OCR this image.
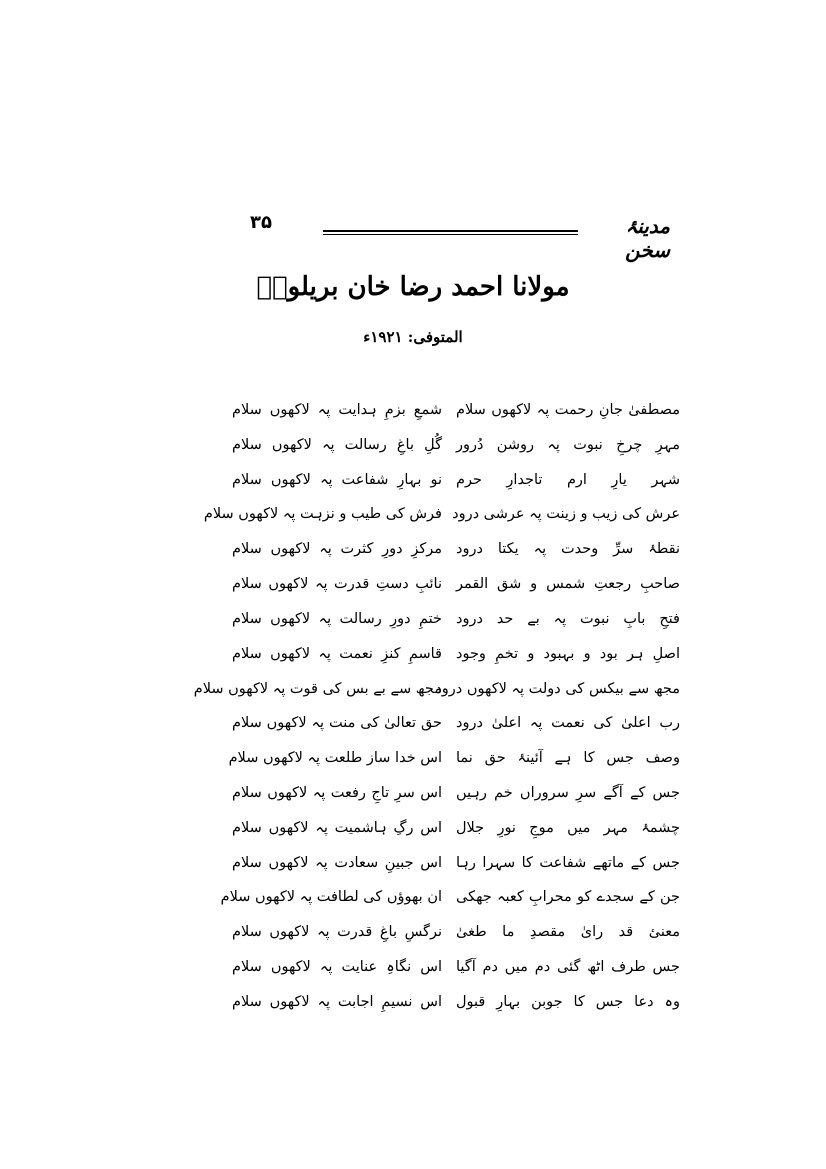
۳۵	مدینۂ سخن
مولانا احمد رضا خان بریلویؒ
المتوفی: ۱۹۲۱ء
مصطفیٰ جانِ رحمت پہ لاکھوں سلام
مہرِ چرخِ نبوت پہ روشن دُرور
شہر یارِ ارم تاجدارِ حرم
عرش کی زیب و زینت پہ عرشی درود
نقطۂ سرِّ وحدت پہ یکتا درود
صاحبِ رجعتِ شمس و شق القمر
فتحِ بابِ نبوت پہ بے حد درود
اصلِ ہر بود و بہبود و تخمِ وجود
مجھ سے بیکس کی دولت پہ لاکھوں درود
رب اعلیٰ کی نعمت پہ اعلیٰ درود
وصف جس کا ہے آئینۂ حق نما
جس کے آگے سرِ سروراں خم رہیں
چشمۂ مہر میں موجِ نورِ جلال
جس کے ماتھے شفاعت کا سہرا رہا
جن کے سجدے کو محرابِ کعبہ جھکی
معنیٔ قد رایٰ مقصدِ ما طغیٰ
جس طرف اٹھ گئی دم میں دم آگیا
وہ دعا جس کا جوبن بہارِ قبول
شمعِ بزمِ ہدایت پہ لاکھوں سلام
گُلِ باغِ رسالت پہ لاکھوں سلام
نو بہارِ شفاعت پہ لاکھوں سلام
فرش کی طیب و نزہت پہ لاکھوں سلام
مرکزِ دورِ کثرت پہ لاکھوں سلام
نائبِ دستِ قدرت پہ لاکھوں سلام
ختمِ دورِ رسالت پہ لاکھوں سلام
قاسمِ کنزِ نعمت پہ لاکھوں سلام
مجھ سے بے بس کی قوت پہ لاکھوں سلام
حق تعالیٰ کی منت پہ لاکھوں سلام
اس خدا ساز طلعت پہ لاکھوں سلام
اس سرِ تاجِ رفعت پہ لاکھوں سلام
اس رگِ ہاشمیت پہ لاکھوں سلام
اس جبینِ سعادت پہ لاکھوں سلام
ان بھوؤں کی لطافت پہ لاکھوں سلام
نرگسِ باغِ قدرت پہ لاکھوں سلام
اس نگاہِ عنایت پہ لاکھوں سلام
اس نسیمِ اجابت پہ لاکھوں سلام
